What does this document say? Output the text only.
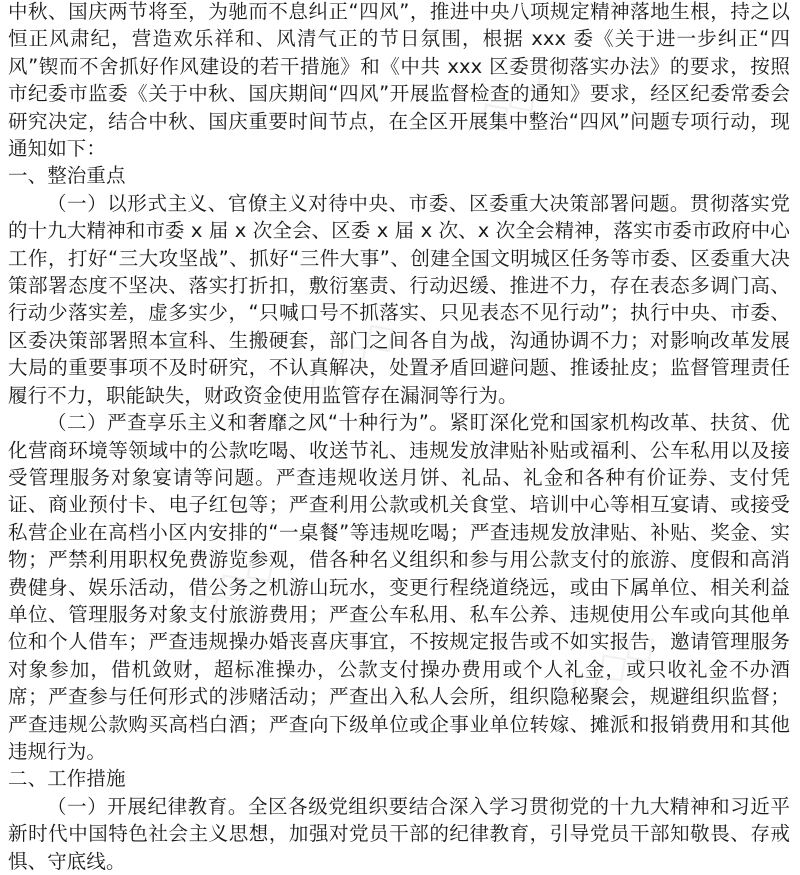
中秋、国庆两节将至，为驰而不息纠正“四风”，推进中央八项规定精神落地生根，持之以恒正风肃纪，营造欢乐祥和、风清气正的节日氛围，根据 xxx 委《关于进一步纠正“四风”锲而不舍抓好作风建设的若干措施》和《中共 xxx 区委贯彻落实办法》的要求，按照市纪委市监委《关于中秋、国庆期间“四风”开展监督检查的通知》要求，经区纪委常委会研究决定，结合中秋、国庆重要时间节点，在全区开展集中整治“四风”问题专项行动，现通知如下：

一、整治重点

（一）以形式主义、官僚主义对待中央、市委、区委重大决策部署问题。贯彻落实党的十九大精神和市委 x 届 x 次全会、区委 x 届 x 次、x 次全会精神，落实市委市政府中心工作，打好“三大攻坚战”、抓好“三件大事”、创建全国文明城区任务等市委、区委重大决策部署态度不坚决、落实打折扣，敷衍塞责、行动迟缓、推进不力，存在表态多调门高、行动少落实差，虚多实少，“只喊口号不抓落实、只见表态不见行动”；执行中央、市委、区委决策部署照本宣科、生搬硬套，部门之间各自为战，沟通协调不力；对影响改革发展大局的重要事项不及时研究，不认真解决，处置矛盾回避问题、推诿扯皮；监督管理责任履行不力，职能缺失，财政资金使用监管存在漏洞等行为。

（二）严查享乐主义和奢靡之风“十种行为”。紧盯深化党和国家机构改革、扶贫、优化营商环境等领域中的公款吃喝、收送节礼、违规发放津贴补贴或福利、公车私用以及接受管理服务对象宴请等问题。严查违规收送月饼、礼品、礼金和各种有价证券、支付凭证、商业预付卡、电子红包等；严查利用公款或机关食堂、培训中心等相互宴请、或接受私营企业在高档小区内安排的“一桌餐”等违规吃喝；严查违规发放津贴、补贴、奖金、实物；严禁利用职权免费游览参观，借各种名义组织和参与用公款支付的旅游、度假和高消费健身、娱乐活动，借公务之机游山玩水，变更行程绕道绕远，或由下属单位、相关利益单位、管理服务对象支付旅游费用；严查公车私用、私车公养、违规使用公车或向其他单位和个人借车；严查违规操办婚丧喜庆事宜，不按规定报告或不如实报告，邀请管理服务对象参加，借机敛财，超标准操办，公款支付操办费用或个人礼金，或只收礼金不办酒席；严查参与任何形式的涉赌活动；严查出入私人会所，组织隐秘聚会，规避组织监督；严查违规公款购买高档白酒；严查向下级单位或企事业单位转嫁、摊派和报销费用和其他违规行为。

二、工作措施

（一）开展纪律教育。全区各级党组织要结合深入学习贯彻党的十九大精神和习近平新时代中国特色社会主义思想，加强对党员干部的纪律教育，引导党员干部知敬畏、存戒惧、守底线。

◇◇◇
◇◇◇
◇◇◇
◇◇◇
